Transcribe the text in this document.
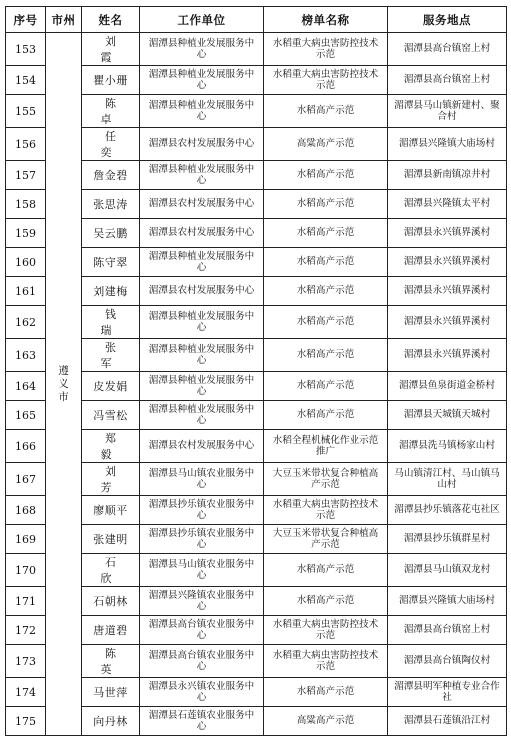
序号	市州	姓名	工作单位	榜单名称	服务地点
153	遵义市	刘　霞	湄潭县种植业发展服务中心	水稻重大病虫害防控技术示范	湄潭县高台镇窑上村
154		瞿小珊	湄潭县种植业发展服务中心	水稻重大病虫害防控技术示范	湄潭县高台镇窑上村
155		陈　卓	湄潭县种植业发展服务中心	水稻高产示范	湄潭县马山镇新建村、聚合村
156		任　奕	湄潭县农村发展服务中心	高粱高产示范	湄潭县兴隆镇大庙场村
157		詹金碧	湄潭县种植业发展服务中心	水稻高产示范	湄潭县新南镇凉井村
158		张思涛	湄潭县农村发展服务中心	水稻高产示范	湄潭县兴隆镇太平村
159		吴云鹏	湄潭县农村发展服务中心	水稻高产示范	湄潭县永兴镇界溪村
160		陈守翠	湄潭县种植业发展服务中心	水稻高产示范	湄潭县永兴镇界溪村
161		刘建梅	湄潭县农村发展服务中心	水稻高产示范	湄潭县永兴镇界溪村
162		钱　瑞	湄潭县种植业发展服务中心	水稻高产示范	湄潭县永兴镇界溪村
163		张　军	湄潭县种植业发展服务中心	水稻高产示范	湄潭县永兴镇界溪村
164		皮发娟	湄潭县种植业发展服务中心	水稻高产示范	湄潭县鱼泉街道金桥村
165		冯雪松	湄潭县种植业发展服务中心	水稻高产示范	湄潭县天城镇天城村
166		郑　毅	湄潭县农村发展服务中心	水稻全程机械化作业示范推广	湄潭县洗马镇杨家山村
167		刘　芳	湄潭县马山镇农业服务中心	大豆玉米带状复合种植高产示范	马山镇清江村、马山镇马山村
168		廖顺平	湄潭县抄乐镇农业服务中心	水稻重大病虫害防控技术示范	湄潭县抄乐镇落花屯社区
169		张建明	湄潭县抄乐镇农业服务中心	大豆玉米带状复合种植高产示范	湄潭县抄乐镇群星村
170		石　欣	湄潭县马山镇农业服务中心	水稻高产示范	湄潭县马山镇双龙村
171		石朝林	湄潭县兴隆镇农业服务中心	水稻高产示范	湄潭县兴隆镇大庙场村
172		唐道碧	湄潭县高台镇农业服务中心	水稻重大病虫害防控技术示范	湄潭县高台镇窑上村
173		陈　英	湄潭县高台镇农业服务中心	水稻重大病虫害防控技术示范	湄潭县高台镇陶仪村
174		马世萍	湄潭县永兴镇农业服务中心	水稻高产示范	湄潭县明军种植专业合作社
175		向丹林	湄潭县石莲镇农业服务中心	高粱高产示范	湄潭县石莲镇沿江村
